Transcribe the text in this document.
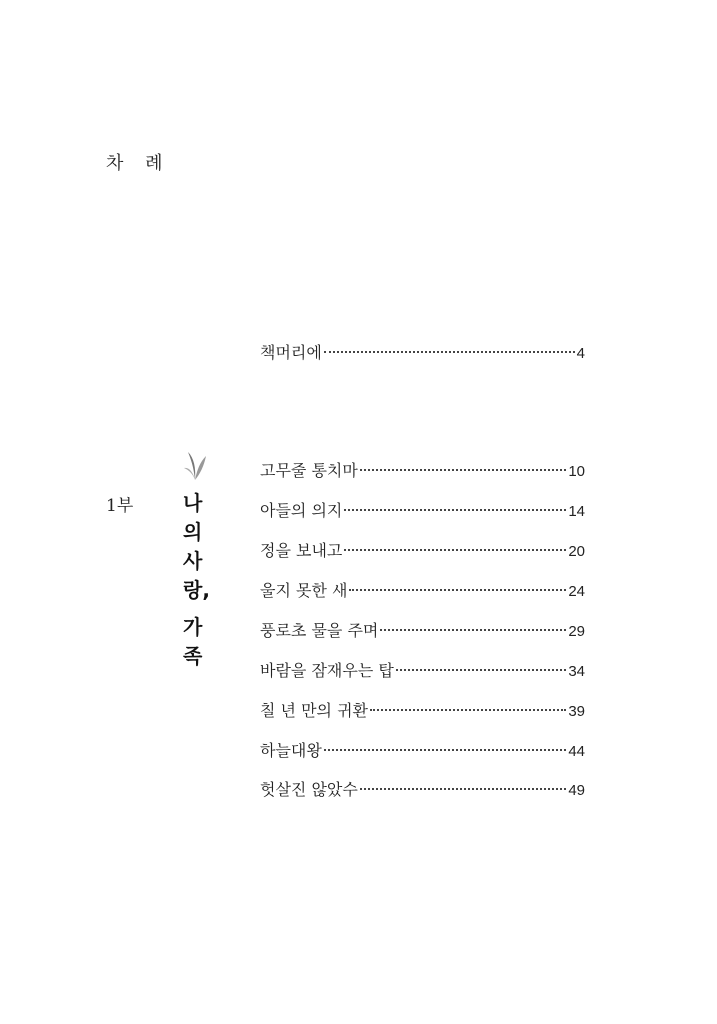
차 례
책머리에	4
1부 나
의
사
랑,
가
족
고무줄 통치마	10
아들의 의지	14
정을 보내고	20
울지 못한 새	24
풍로초 물을 주며	29
바람을 잠재우는 탑	34
칠 년 만의 귀환	39
하늘대왕	44
헛살진 않았수	49
